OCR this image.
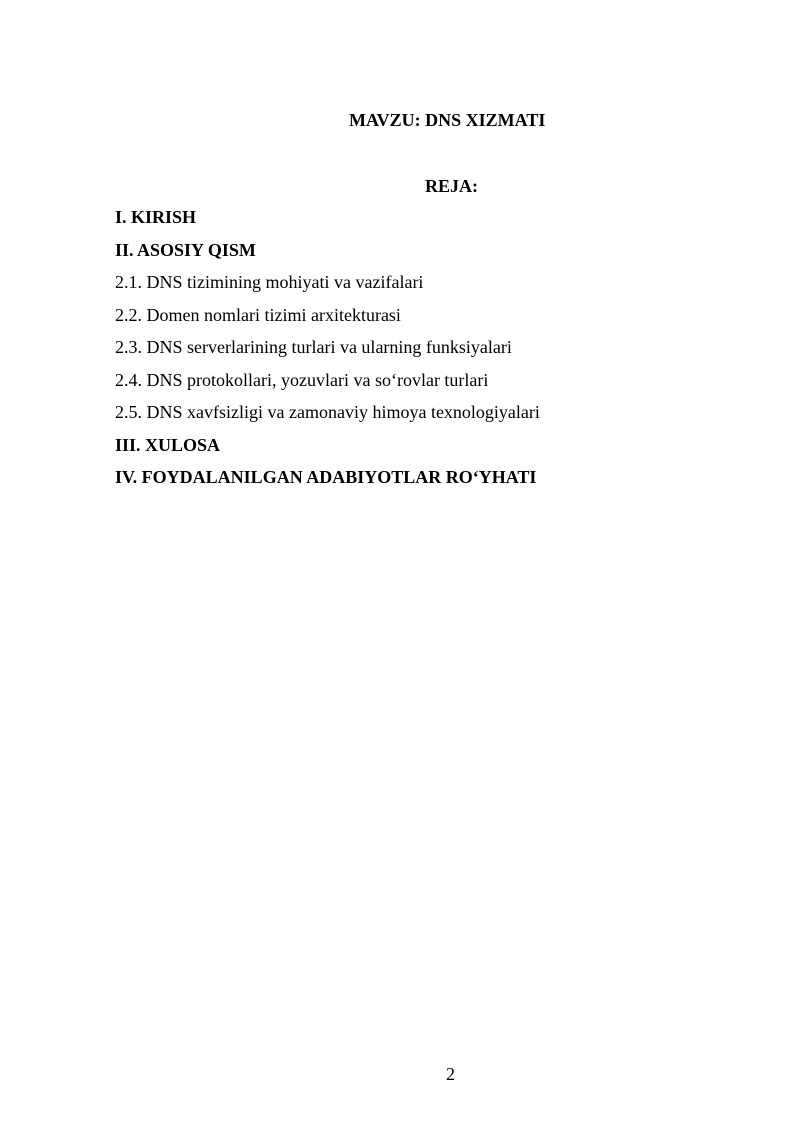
MAVZU: DNS XIZMATI
REJA:
I. KIRISH
II. ASOSIY QISM
2.1. DNS tizimining mohiyati va vazifalari
2.2. Domen nomlari tizimi arxitekturasi
2.3. DNS serverlarining turlari va ularning funksiyalari
2.4. DNS protokollari, yozuvlari va so‘rovlar turlari
2.5. DNS xavfsizligi va zamonaviy himoya texnologiyalari
III. XULOSA
IV. FOYDALANILGAN ADABIYOTLAR RO‘YHATI
2
